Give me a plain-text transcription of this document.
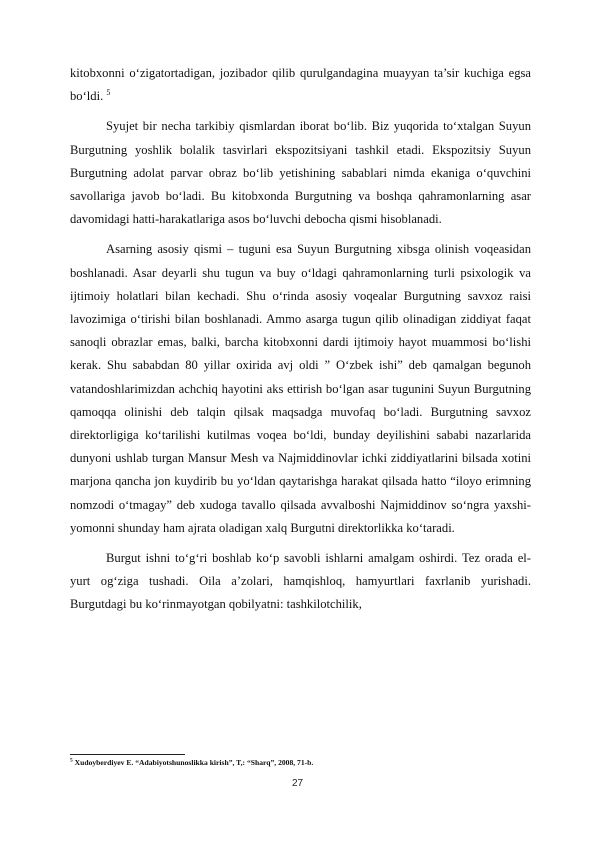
kitobxonni o‘zigatortadigan, jozibador qilib qurulgandagina muayyan ta’sir kuchiga egsa bo‘ldi. $^5$

Syujet bir necha tarkibiy qismlardan iborat bo‘lib. Biz yuqorida to‘xtalgan Suyun Burgutning yoshlik bolalik tasvirlari ekspozitsiyani tashkil etadi. Ekspozitsiy Suyun Burgutning adolat parvar obraz bo‘lib yetishining sabablari nimda ekaniga o‘quvchini savollariga javob bo‘ladi. Bu kitobxonda Burgutning va boshqa qahramonlarning asar davomidagi hatti-harakatlariga asos bo‘luvchi debocha qismi hisoblanadi.

Asarning asosiy qismi – tuguni esa Suyun Burgutning xibsga olinish voqeasidan boshlanadi. Asar deyarli shu tugun va buy o‘ldagi qahramonlarning turli psixologik va ijtimoiy holatlari bilan kechadi. Shu o‘rinda asosiy voqealar Burgutning savxoz raisi lavozimiga o‘tirishi bilan boshlanadi. Ammo asarga tugun qilib olinadigan ziddiyat faqat sanoqli obrazlar emas, balki, barcha kitobxonni dardi ijtimoiy hayot muammosi bo‘lishi kerak. Shu sababdan 80 yillar oxirida avj oldi ” O‘zbek ishi” deb qamalgan begunoh vatandoshlarimizdan achchiq hayotini aks ettirish bo‘lgan asar tugunini Suyun Burgutning qamoqqa olinishi deb talqin qilsak maqsadga muvofaq bo‘ladi. Burgutning savxoz direktorligiga ko‘tarilishi kutilmas voqea bo‘ldi, bunday deyilishini sababi nazarlarida dunyoni ushlab turgan Mansur Mesh va Najmiddinovlar ichki ziddiyatlarini bilsada xotini marjona qancha jon kuydirib bu yo‘ldan qaytarishga harakat qilsada hatto “iloyo erimning nomzodi o‘tmagay” deb xudoga tavallo qilsada avvalboshi Najmiddinov so‘ngra yaxshi-yomonni shunday ham ajrata oladigan xalq Burgutni direktorlikka ko‘taradi.

Burgut ishni to‘g‘ri boshlab ko‘p savobli ishlarni amalgam oshirdi. Tez orada el-yurt og‘ziga tushadi. Oila a’zolari, hamqishloq, hamyurtlari faxrlanib yurishadi. Burgutdagi bu ko‘rinmayotgan qobilyatni: tashkilotchilik,

$^5$ Xudoyberdiyev E. “Adabiyotshunoslikka kirish”, T,: “Sharq”, 2008, 71-b.

27
